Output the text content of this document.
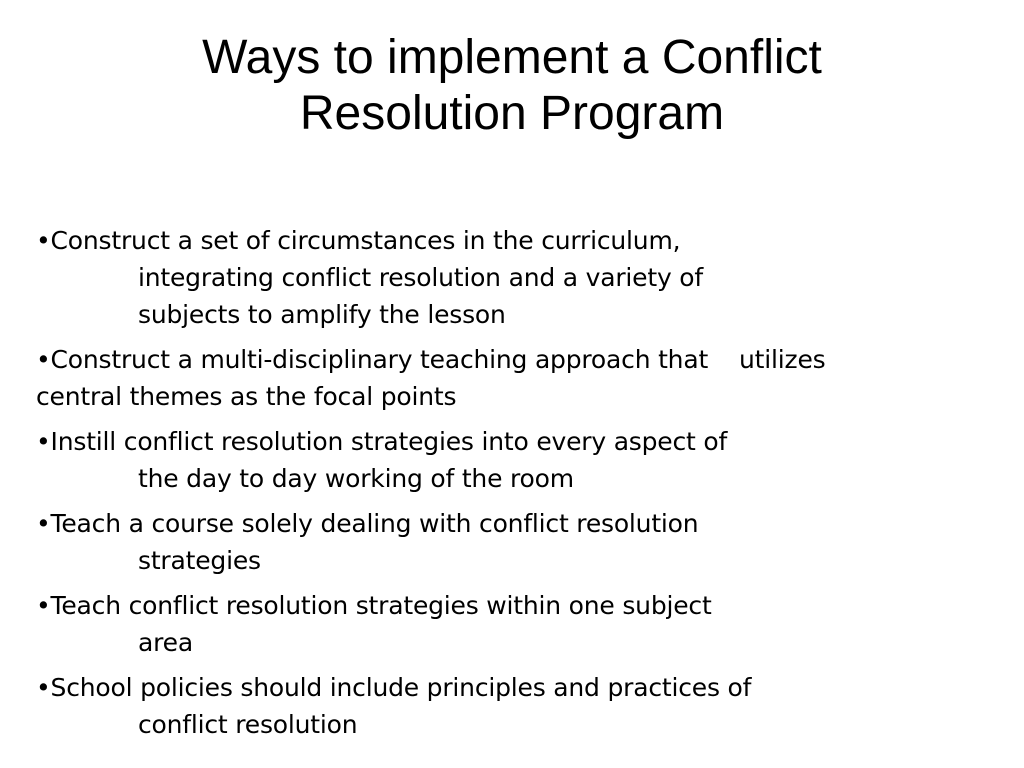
Ways to implement a Conflict
Resolution Program
•Construct a set of circumstances in the curriculum,
integrating conflict resolution and a variety of
subjects to amplify the lesson
•Construct a multi-disciplinary teaching approach that    utilizes
central themes as the focal points
•Instill conflict resolution strategies into every aspect of
the day to day working of the room
•Teach a course solely dealing with conflict resolution
strategies
•Teach conflict resolution strategies within one subject
area
•School policies should include principles and practices of
conflict resolution
